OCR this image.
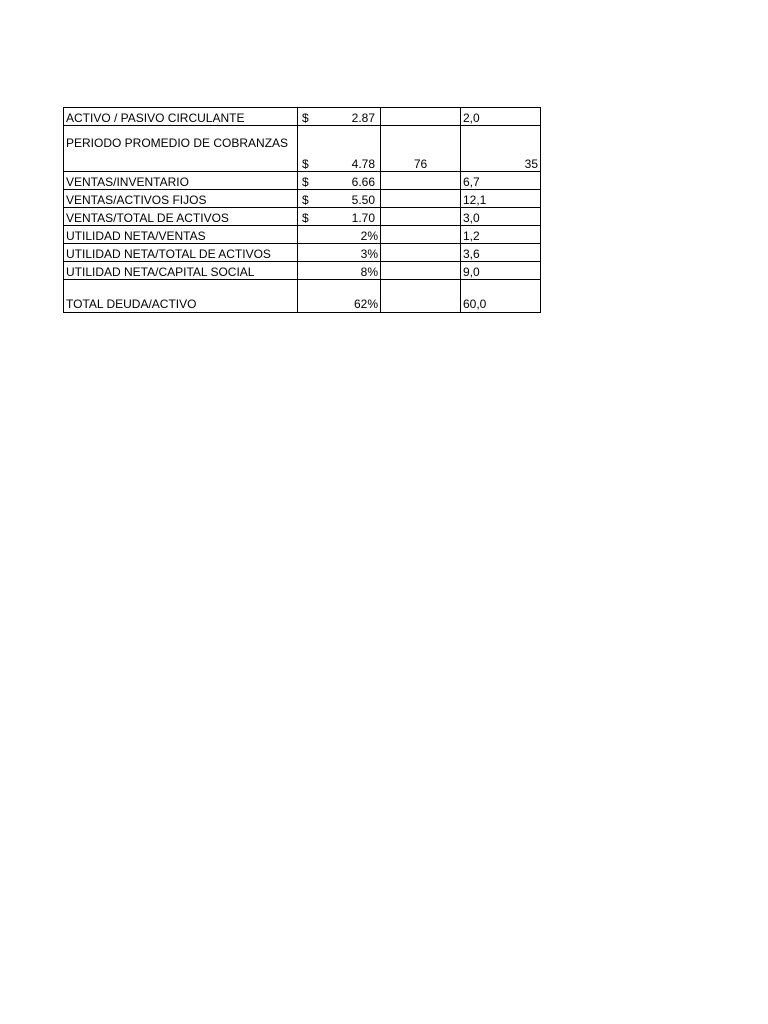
ACTIVO / PASIVO CIRCULANTE	$ 2.87		2,0
PERIODO PROMEDIO DE COBRANZAS	$ 4.78	76	35
VENTAS/INVENTARIO	$ 6.66		6,7
VENTAS/ACTIVOS FIJOS	$ 5.50		12,1
VENTAS/TOTAL DE ACTIVOS	$ 1.70		3,0
UTILIDAD NETA/VENTAS	2%		1,2
UTILIDAD NETA/TOTAL DE ACTIVOS	3%		3,6
UTILIDAD NETA/CAPITAL SOCIAL	8%		9,0
TOTAL DEUDA/ACTIVO	62%		60,0
